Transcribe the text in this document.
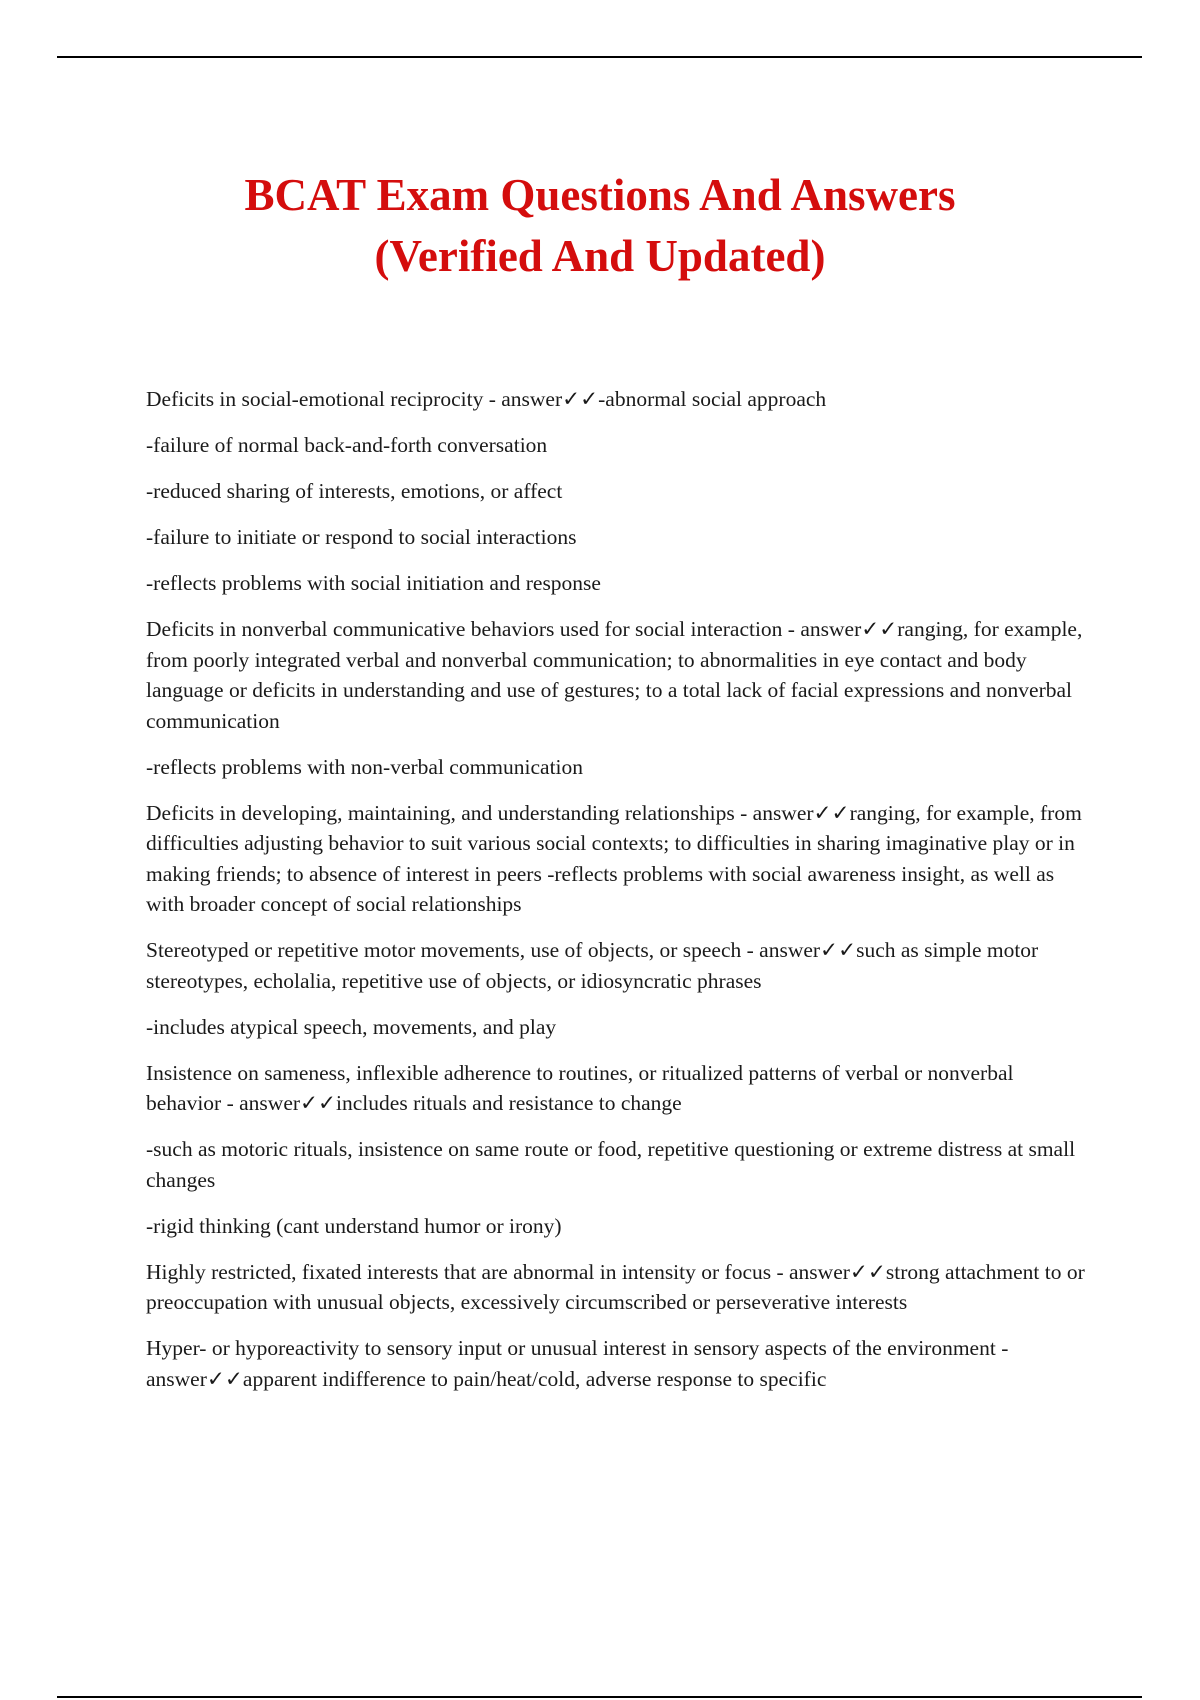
BCAT Exam Questions And Answers
(Verified And Updated)

Deficits in social-emotional reciprocity - answer✓✓-abnormal social approach

-failure of normal back-and-forth conversation

-reduced sharing of interests, emotions, or affect

-failure to initiate or respond to social interactions

-reflects problems with social initiation and response

Deficits in nonverbal communicative behaviors used for social interaction - answer✓✓ranging, for example, from poorly integrated verbal and nonverbal communication; to abnormalities in eye contact and body language or deficits in understanding and use of gestures; to a total lack of facial expressions and nonverbal communication

-reflects problems with non-verbal communication

Deficits in developing, maintaining, and understanding relationships - answer✓✓ranging, for example, from difficulties adjusting behavior to suit various social contexts; to difficulties in sharing imaginative play or in making friends; to absence of interest in peers -reflects problems with social awareness insight, as well as with broader concept of social relationships

Stereotyped or repetitive motor movements, use of objects, or speech - answer✓✓such as simple motor stereotypes, echolalia, repetitive use of objects, or idiosyncratic phrases

-includes atypical speech, movements, and play

Insistence on sameness, inflexible adherence to routines, or ritualized patterns of verbal or nonverbal behavior - answer✓✓includes rituals and resistance to change

-such as motoric rituals, insistence on same route or food, repetitive questioning or extreme distress at small changes

-rigid thinking (cant understand humor or irony)

Highly restricted, fixated interests that are abnormal in intensity or focus - answer✓✓strong attachment to or preoccupation with unusual objects, excessively circumscribed or perseverative interests

Hyper- or hyporeactivity to sensory input or unusual interest in sensory aspects of the environment - answer✓✓apparent indifference to pain/heat/cold, adverse response to specific
